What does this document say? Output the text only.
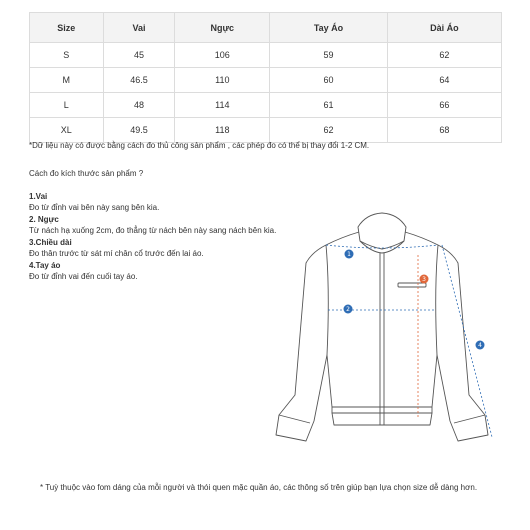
Size	Vai	Ngực	Tay Áo	Dài Áo
S	45	106	59	62
M	46.5	110	60	64
L	48	114	61	66
XL	49.5	118	62	68
*Dữ liệu này có được bằng cách đo thủ công sản phẩm , các phép đo có thể bị thay đổi 1-2 CM.
Cách đo kích thước sản phẩm ?
1.Vai
Đo từ đỉnh vai bên này sang bên kia.
2. Ngực
Từ nách hạ xuống 2cm, đo thẳng từ nách bên này sang nách bên kia.
3.Chiều dài
Đo thân trước từ sát mí chân cổ trước đến lai áo.
4.Tay áo
Đo từ đỉnh vai đến cuối tay áo.
1
2
3
4
* Tuỳ thuộc vào fom dáng của mỗi người và thói quen mặc quần áo, các thông số trên giúp bạn lựa chọn size dễ dàng hơn.
